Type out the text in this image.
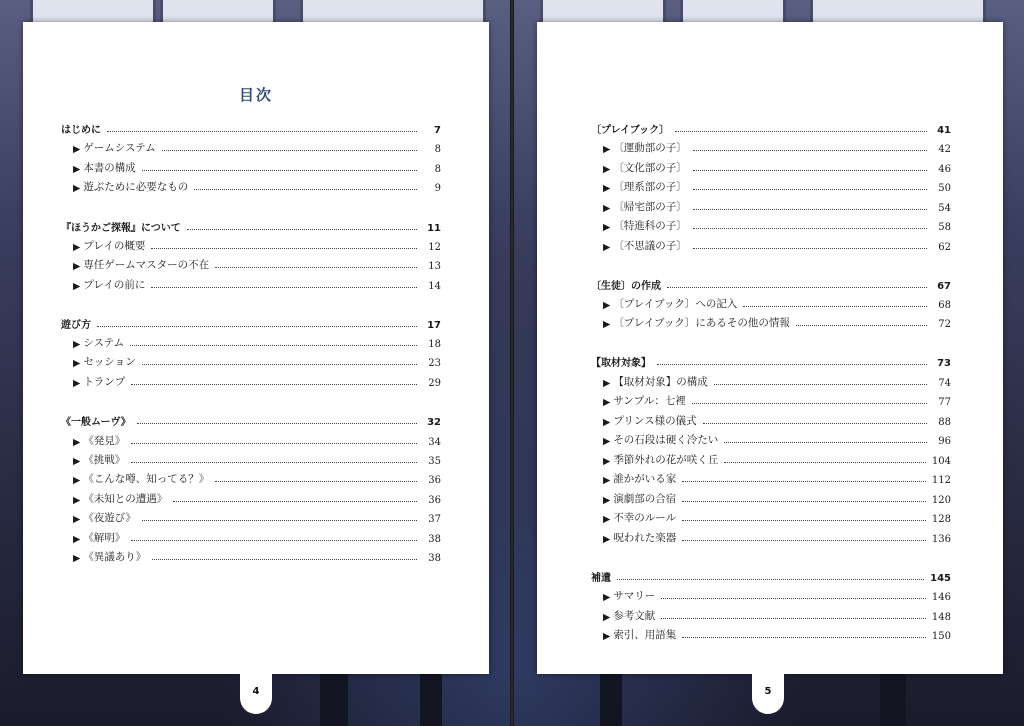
目次
はじめに	7
▶ ゲームシステム	8
▶ 本書の構成	8
▶ 遊ぶために必要なもの	9
『ほうかご探報』について	11
▶ プレイの概要	12
▶ 専任ゲームマスターの不在	13
▶ プレイの前に	14
遊び方	17
▶ システム	18
▶ セッション	23
▶ トランプ	29
《一般ムーヴ》	32
▶ 《発見》	34
▶ 《挑戦》	35
▶ 《こんな噂、知ってる？》	36
▶ 《未知との遭遇》	36
▶ 《夜遊び》	37
▶ 《解明》	38
▶ 《異議あり》	38
4
〔プレイブック〕	41
▶ 〔運動部の子〕	42
▶ 〔文化部の子〕	46
▶ 〔理系部の子〕	50
▶ 〔帰宅部の子〕	54
▶ 〔特進科の子〕	58
▶ 〔不思議の子〕	62
〔生徒〕の作成	67
▶ 〔プレイブック〕への記入	68
▶ 〔プレイブック〕にあるその他の情報	72
【取材対象】	73
▶ 【取材対象】の構成	74
▶ サンプル：七裡	77
▶ プリンス様の儀式	88
▶ その石段は硬く冷たい	96
▶ 季節外れの花が咲く丘	104
▶ 誰かがいる家	112
▶ 演劇部の合宿	120
▶ 不幸のルール	128
▶ 呪われた楽器	136
補遺	145
▶ サマリー	146
▶ 参考文献	148
▶ 索引、用語集	150
5
